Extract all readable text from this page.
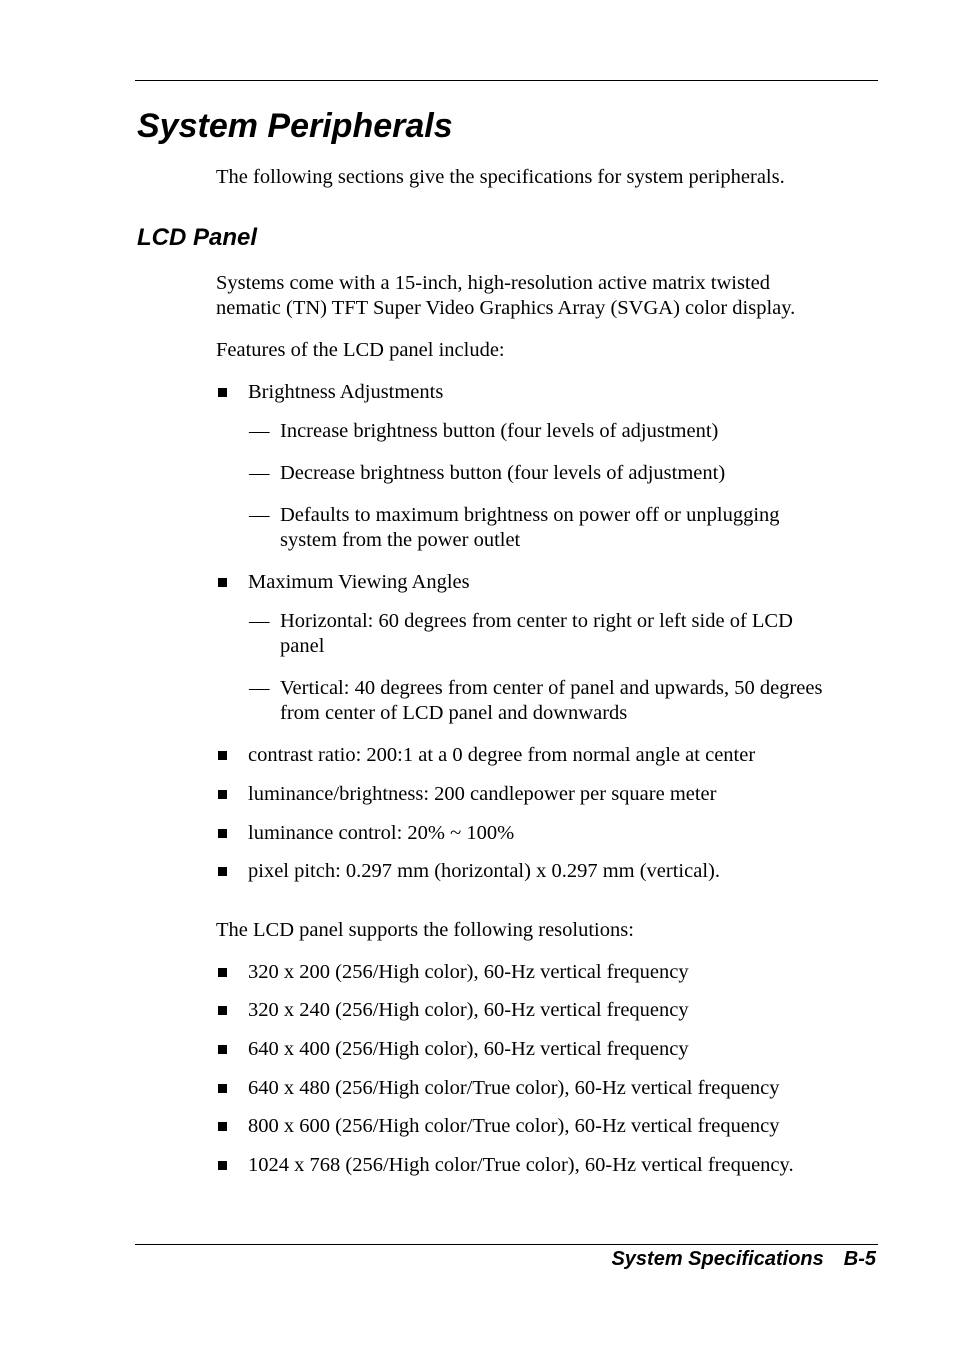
System Peripherals
The following sections give the specifications for system peripherals.
LCD Panel
Systems come with a 15-inch, high-resolution active matrix twisted
nematic (TN) TFT Super Video Graphics Array (SVGA) color display.
Features of the LCD panel include:
Brightness Adjustments
— Increase brightness button (four levels of adjustment)
— Decrease brightness button (four levels of adjustment)
— Defaults to maximum brightness on power off or unplugging
system from the power outlet
Maximum Viewing Angles
— Horizontal: 60 degrees from center to right or left side of LCD
panel
— Vertical: 40 degrees from center of panel and upwards, 50 degrees
from center of LCD panel and downwards
contrast ratio: 200:1 at a 0 degree from normal angle at center
luminance/brightness: 200 candlepower per square meter
luminance control: 20% ~ 100%
pixel pitch: 0.297 mm (horizontal) x 0.297 mm (vertical).
The LCD panel supports the following resolutions:
320 x 200 (256/High color), 60-Hz vertical frequency
320 x 240 (256/High color), 60-Hz vertical frequency
640 x 400 (256/High color), 60-Hz vertical frequency
640 x 480 (256/High color/True color), 60-Hz vertical frequency
800 x 600 (256/High color/True color), 60-Hz vertical frequency
1024 x 768 (256/High color/True color), 60-Hz vertical frequency.
System Specifications B-5
